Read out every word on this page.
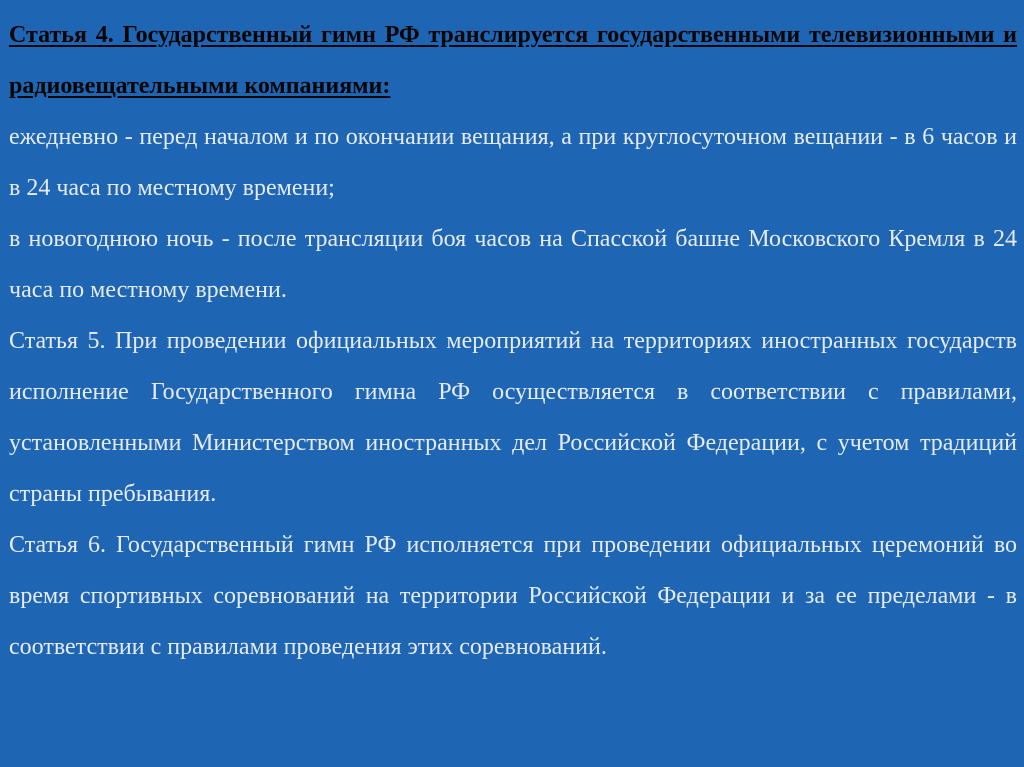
Статья 4. Государственный гимн РФ транслируется государственными телевизионными и радиовещательными компаниями:

ежедневно - перед началом и по окончании вещания, а при круглосуточном вещании - в 6 часов и в 24 часа по местному времени;

в новогоднюю ночь - после трансляции боя часов на Спасской башне Московского Кремля в 24 часа по местному времени.

Статья 5. При проведении официальных мероприятий на территориях иностранных государств исполнение Государственного гимна РФ осуществляется в соответствии с правилами, установленными Министерством иностранных дел Российской Федерации, с учетом традиций страны пребывания.

Статья 6. Государственный гимн РФ исполняется при проведении официальных церемоний во время спортивных соревнований на территории Российской Федерации и за ее пределами - в соответствии с правилами проведения этих соревнований.
